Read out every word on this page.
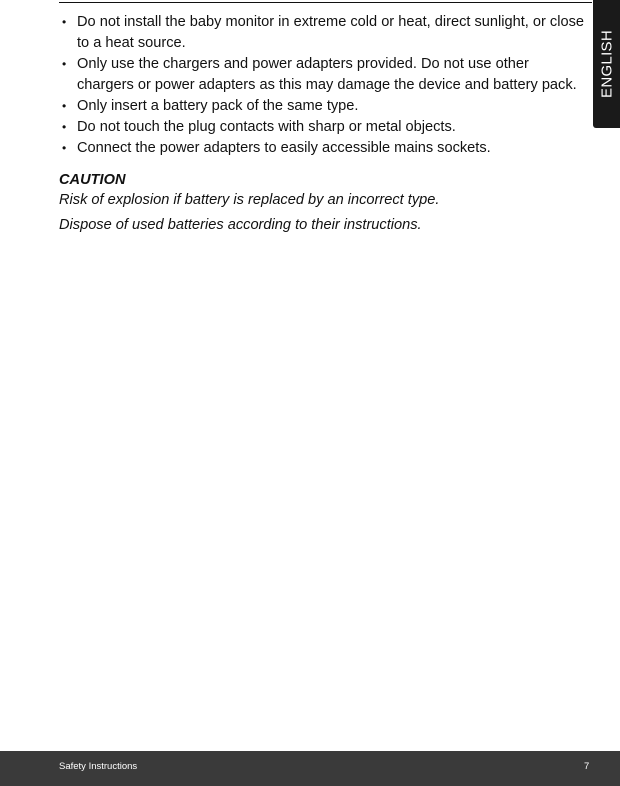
ENGLISH
• Do not install the baby monitor in extreme cold or heat, direct sunlight, or close to a heat source.
• Only use the chargers and power adapters provided. Do not use other chargers or power adapters as this may damage the device and battery pack.
• Only insert a battery pack of the same type.
• Do not touch the plug contacts with sharp or metal objects.
• Connect the power adapters to easily accessible mains sockets.

CAUTION

Risk of explosion if battery is replaced by an incorrect type.

Dispose of used batteries according to their instructions.

Safety Instructions	7
